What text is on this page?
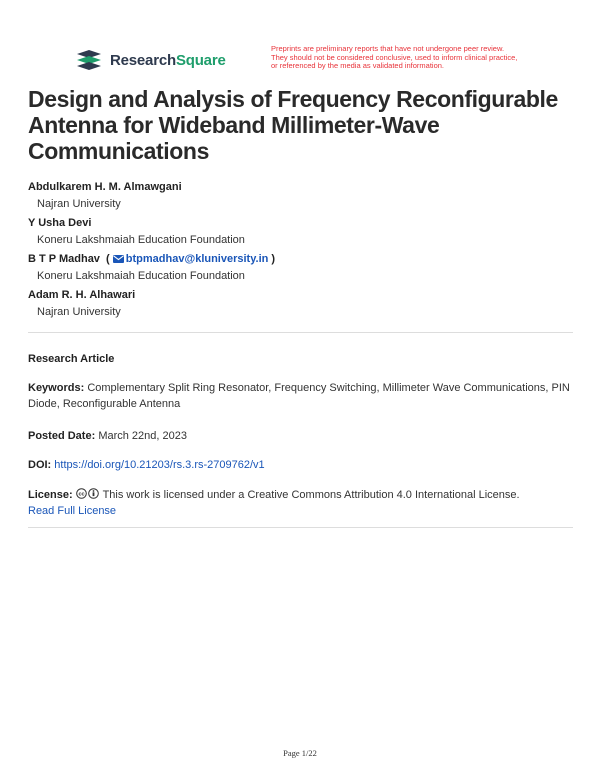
ResearchSquare
Preprints are preliminary reports that have not undergone peer review.
They should not be considered conclusive, used to inform clinical practice,
or referenced by the media as validated information.
Design and Analysis of Frequency Reconfigurable Antenna for Wideband Millimeter-Wave Communications
Abdulkarem H. M. Almawgani
Najran University
Y Usha Devi
Koneru Lakshmaiah Education Foundation
B T P Madhav  ( btpmadhav@kluniversity.in )
Koneru Lakshmaiah Education Foundation
Adam R. H. Alhawari
Najran University
Research Article
Keywords: Complementary Split Ring Resonator, Frequency Switching, Millimeter Wave Communications, PIN Diode, Reconfigurable Antenna
Posted Date: March 22nd, 2023
DOI: https://doi.org/10.21203/rs.3.rs-2709762/v1
License: cc This work is licensed under a Creative Commons Attribution 4.0 International License.
Read Full License
Page 1/22
